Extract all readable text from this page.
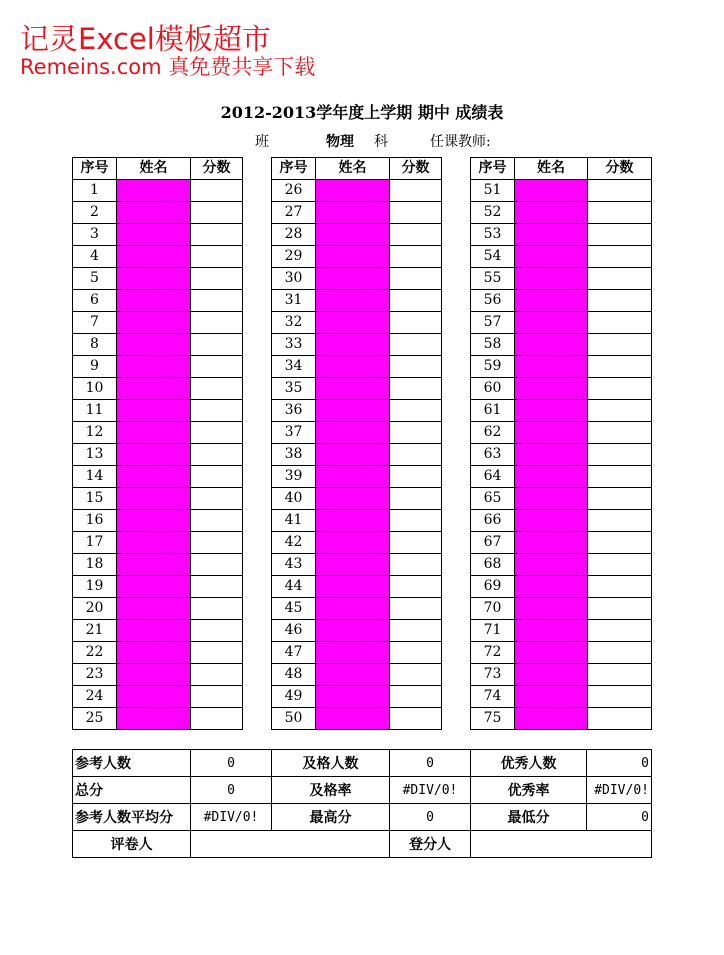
记灵Excel模板超市
Remeins.com 真免费共享下载
2012-2013学年度上学期 期中 成绩表
班	物理 科	任课教师:
序号	姓名	分数
1		
2		
3		
4		
5		
6		
7		
8		
9		
10		
11		
12		
13		
14		
15		
16		
17		
18		
19		
20		
21		
22		
23		
24		
25		
序号	姓名	分数
26		
27		
28		
29		
30		
31		
32		
33		
34		
35		
36		
37		
38		
39		
40		
41		
42		
43		
44		
45		
46		
47		
48		
49		
50		
序号	姓名	分数
51		
52		
53		
54		
55		
56		
57		
58		
59		
60		
61		
62		
63		
64		
65		
66		
67		
68		
69		
70		
71		
72		
73		
74		
75		
参考人数	0	及格人数	0	优秀人数	0
总分	0	及格率	#DIV/0!	优秀率	#DIV/0!
参考人数平均分	#DIV/0!	最高分	0	最低分	0
评卷人			登分人		
